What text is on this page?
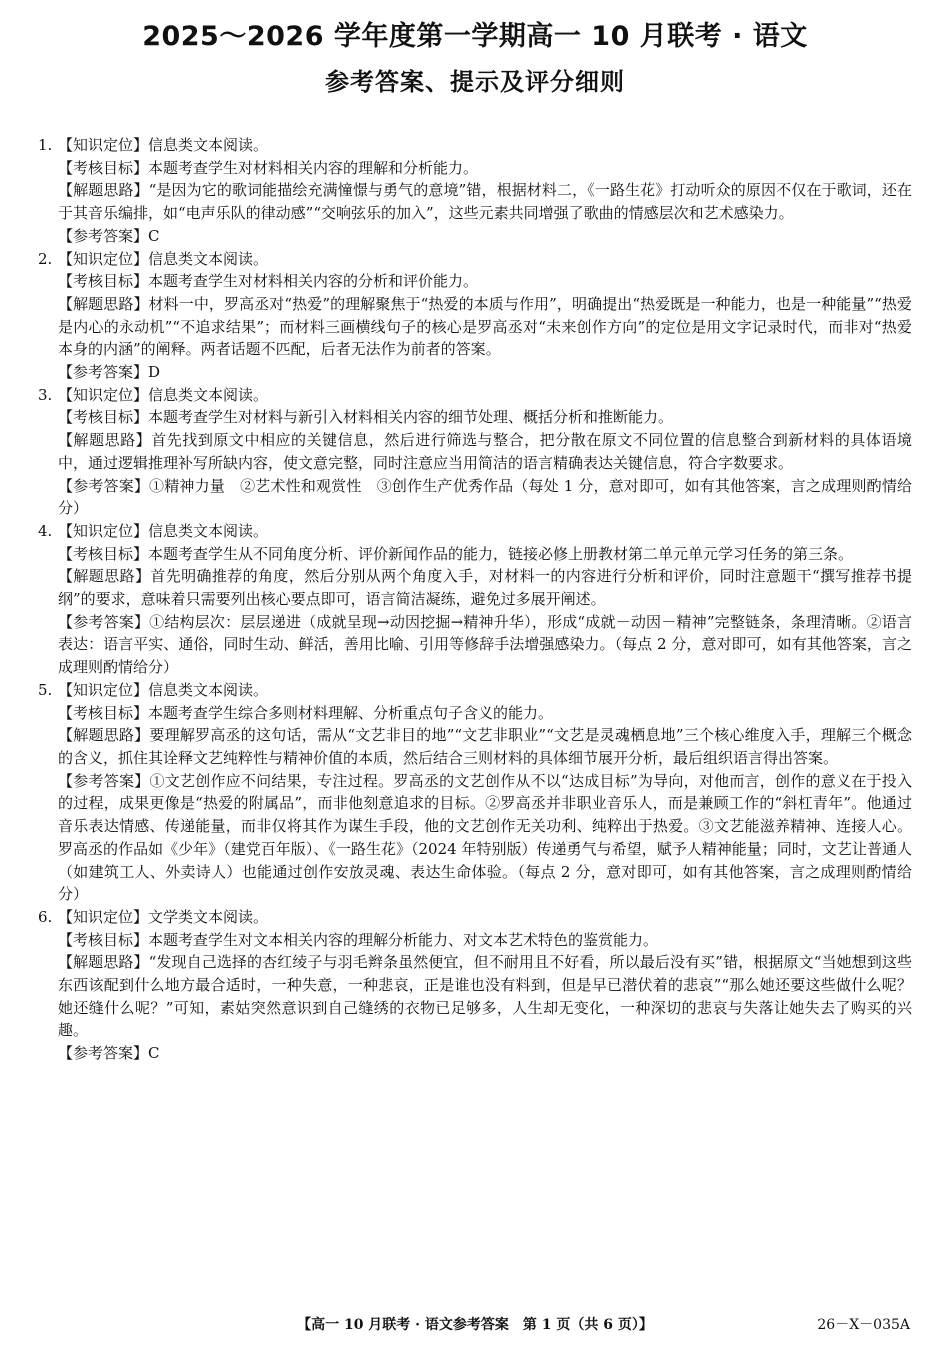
2025～2026 学年度第一学期高一 10 月联考 · 语文
参考答案、提示及评分细则

1. 【知识定位】信息类文本阅读。

【考核目标】本题考查学生对材料相关内容的理解和分析能力。

【解题思路】“是因为它的歌词能描绘充满憧憬与勇气的意境”错，根据材料二，《一路生花》打动听众的原因不仅在于歌词，还在于其音乐编排，如“电声乐队的律动感”“交响弦乐的加入”，这些元素共同增强了歌曲的情感层次和艺术感染力。

【参考答案】C

2. 【知识定位】信息类文本阅读。

【考核目标】本题考查学生对材料相关内容的分析和评价能力。

【解题思路】材料一中，罗高丞对“热爱”的理解聚焦于“热爱的本质与作用”，明确提出“热爱既是一种能力，也是一种能量”“热爱是内心的永动机”“不追求结果”；而材料三画横线句子的核心是罗高丞对“未来创作方向”的定位是用文字记录时代，而非对“热爱本身的内涵”的阐释。两者话题不匹配，后者无法作为前者的答案。

【参考答案】D

3. 【知识定位】信息类文本阅读。

【考核目标】本题考查学生对材料与新引入材料相关内容的细节处理、概括分析和推断能力。

【解题思路】首先找到原文中相应的关键信息，然后进行筛选与整合，把分散在原文不同位置的信息整合到新材料的具体语境中，通过逻辑推理补写所缺内容，使文意完整，同时注意应当用简洁的语言精确表达关键信息，符合字数要求。

【参考答案】①精神力量　②艺术性和观赏性　③创作生产优秀作品（每处 1 分，意对即可，如有其他答案，言之成理则酌情给分）

4. 【知识定位】信息类文本阅读。

【考核目标】本题考查学生从不同角度分析、评价新闻作品的能力，链接必修上册教材第二单元单元学习任务的第三条。

【解题思路】首先明确推荐的角度，然后分别从两个角度入手，对材料一的内容进行分析和评价，同时注意题干“撰写推荐书提纲”的要求，意味着只需要列出核心要点即可，语言简洁凝练，避免过多展开阐述。

【参考答案】①结构层次：层层递进（成就呈现→动因挖掘→精神升华），形成“成就－动因－精神”完整链条，条理清晰。②语言表达：语言平实、通俗，同时生动、鲜活，善用比喻、引用等修辞手法增强感染力。（每点 2 分，意对即可，如有其他答案，言之成理则酌情给分）

5. 【知识定位】信息类文本阅读。

【考核目标】本题考查学生综合多则材料理解、分析重点句子含义的能力。

【解题思路】要理解罗高丞的这句话，需从“文艺非目的地”“文艺非职业”“文艺是灵魂栖息地”三个核心维度入手，理解三个概念的含义，抓住其诠释文艺纯粹性与精神价值的本质，然后结合三则材料的具体细节展开分析，最后组织语言得出答案。

【参考答案】①文艺创作应不问结果，专注过程。罗高丞的文艺创作从不以“达成目标”为导向，对他而言，创作的意义在于投入的过程，成果更像是“热爱的附属品”，而非他刻意追求的目标。②罗高丞并非职业音乐人，而是兼顾工作的“斜杠青年”。他通过音乐表达情感、传递能量，而非仅将其作为谋生手段，他的文艺创作无关功利、纯粹出于热爱。③文艺能滋养精神、连接人心。罗高丞的作品如《少年》（建党百年版）、《一路生花》（2024 年特别版）传递勇气与希望，赋予人精神能量；同时，文艺让普通人（如建筑工人、外卖诗人）也能通过创作安放灵魂、表达生命体验。（每点 2 分，意对即可，如有其他答案，言之成理则酌情给分）

6. 【知识定位】文学类文本阅读。

【考核目标】本题考查学生对文本相关内容的理解分析能力、对文本艺术特色的鉴赏能力。

【解题思路】“发现自己选择的杏红绫子与羽毛辫条虽然便宜，但不耐用且不好看，所以最后没有买”错，根据原文“当她想到这些东西该配到什么地方最合适时，一种失意，一种悲哀，正是谁也没有料到，但是早已潜伏着的悲哀”“那么她还要这些做什么呢？她还缝什么呢？”可知，素姑突然意识到自己缝绣的衣物已足够多，人生却无变化，一种深切的悲哀与失落让她失去了购买的兴趣。

【参考答案】C

【高一 10 月联考 · 语文参考答案　第 1 页（共 6 页）】	26－X－035A
